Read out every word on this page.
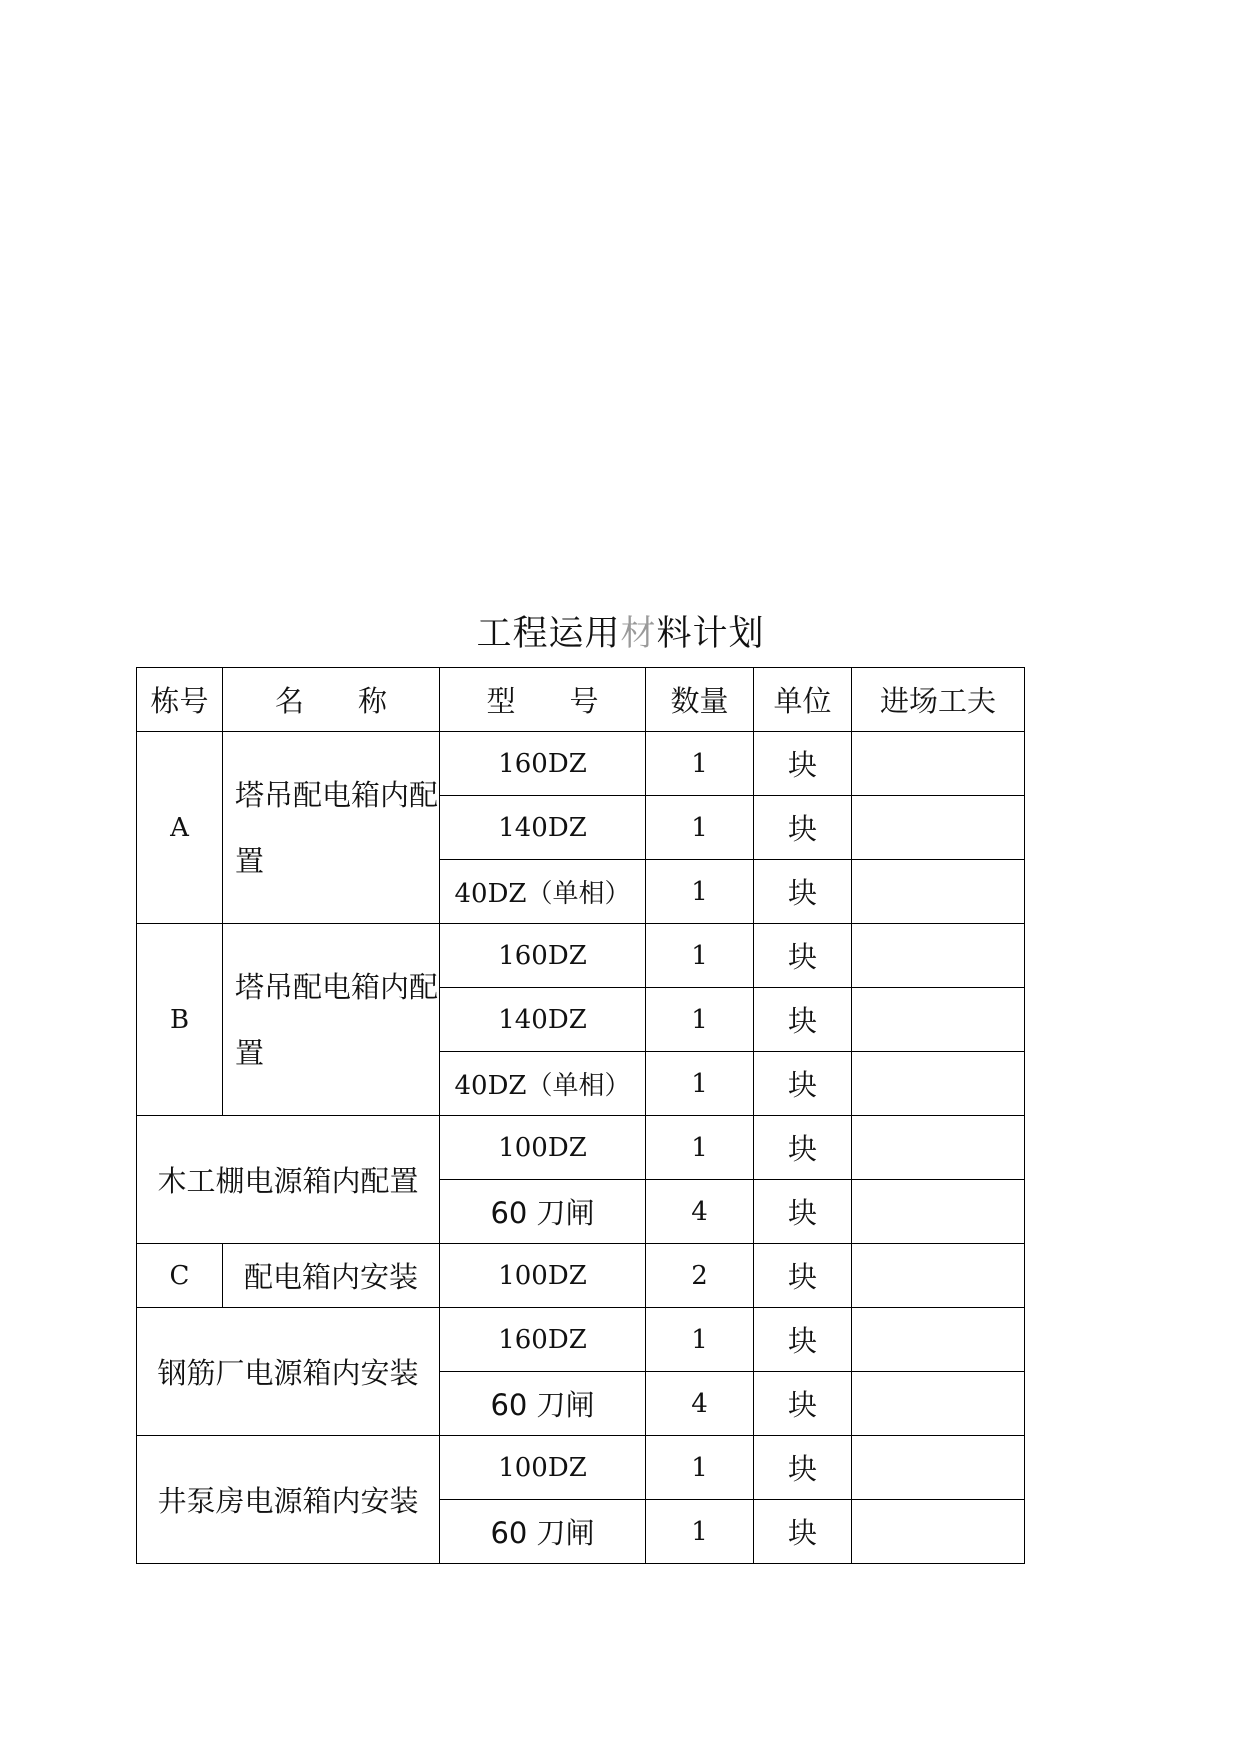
工程运用材料计划
栋号	名 称	型 号	数量	单位	进场工夫
A	塔吊配电箱内配置	160DZ	1	块	
		140DZ	1	块	
		40DZ（单相）	1	块	
B	塔吊配电箱内配置	160DZ	1	块	
		140DZ	1	块	
		40DZ（单相）	1	块	
木工棚电源箱内配置		100DZ	1	块	
		60 刀闸	4	块	
C	配电箱内安装	100DZ	2	块	
钢筋厂电源箱内安装		160DZ	1	块	
		60 刀闸	4	块	
井泵房电源箱内安装		100DZ	1	块	
		60 刀闸	1	块	
